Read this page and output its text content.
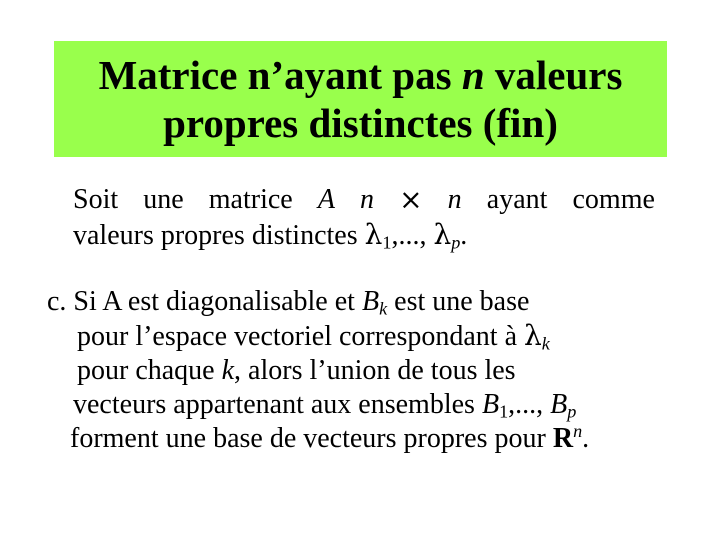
Matrice n’ayant pas n valeurs
propres distinctes (fin)
Soit une matrice A n × n ayant comme
valeurs propres distinctes $\lambda_1$,..., $\lambda_p$.
c. Si A est diagonalisable et $B_k$ est une base
pour l’espace vectoriel correspondant à $\lambda_k$
pour chaque k, alors l’union de tous les
vecteurs appartenant aux ensembles $B_1$,..., $B_p$
forment une base de vecteurs propres pour $R^n$.
